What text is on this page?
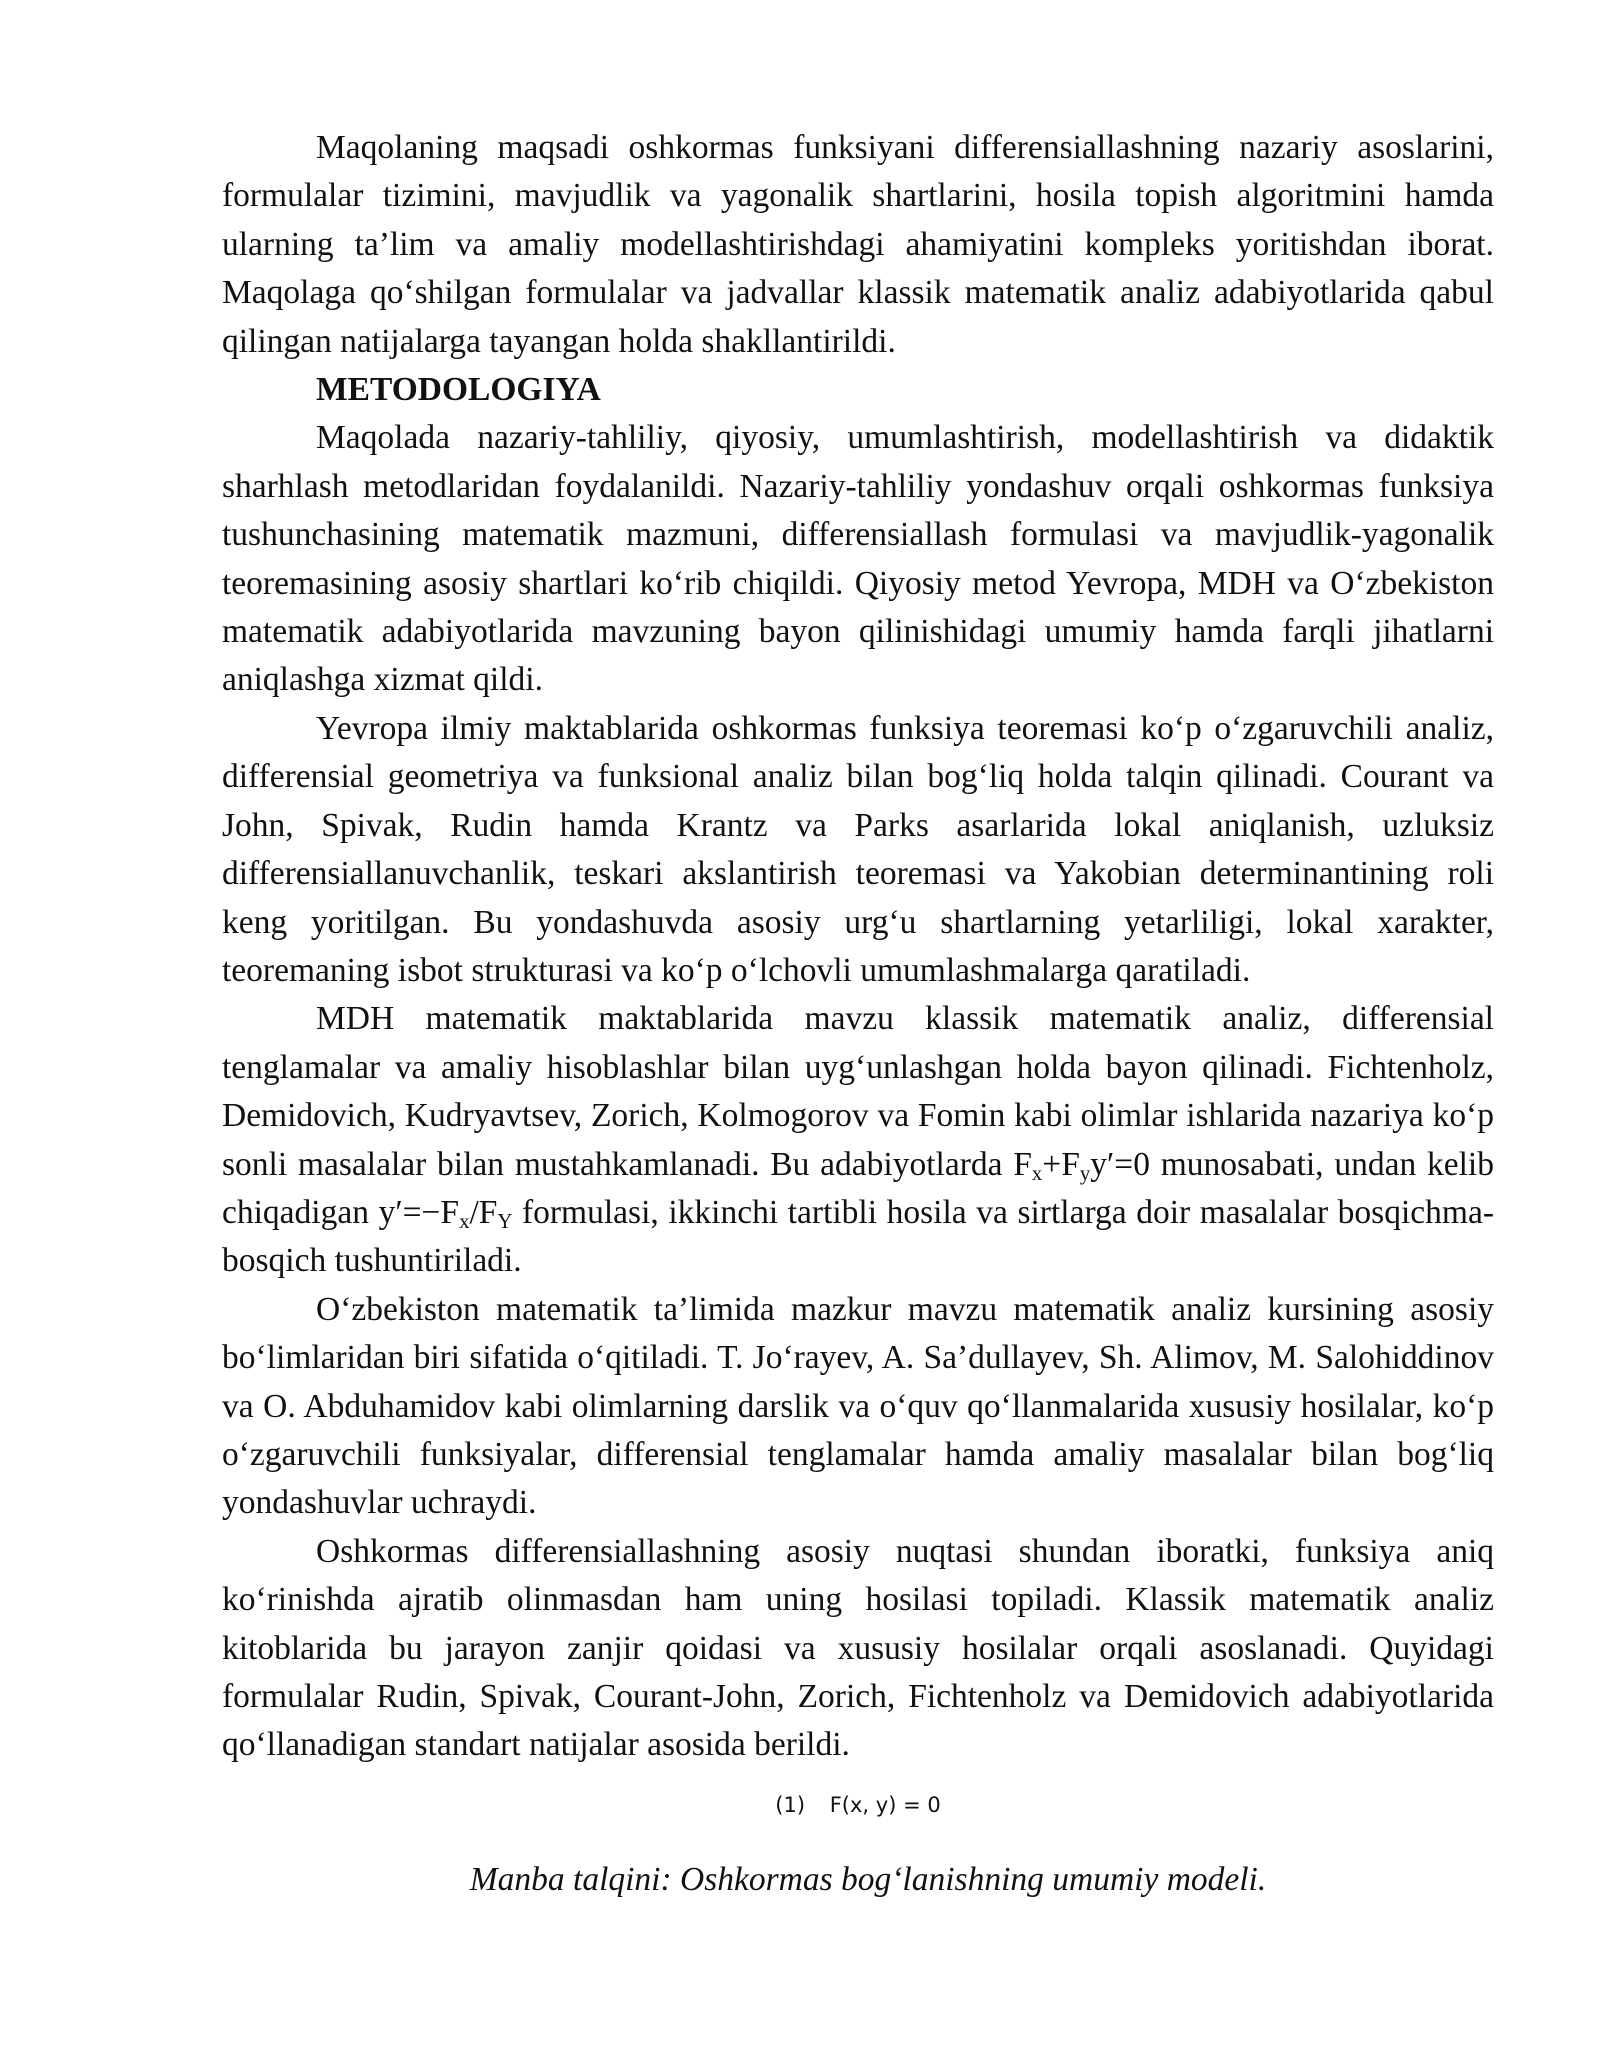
Maqolaning maqsadi oshkormas funksiyani differensiallashning nazariy asoslarini, formulalar tizimini, mavjudlik va yagonalik shartlarini, hosila topish algoritmini hamda ularning ta’lim va amaliy modellashtirishdagi ahamiyatini kompleks yoritishdan iborat. Maqolaga qo‘shilgan formulalar va jadvallar klassik matematik analiz adabiyotlarida qabul qilingan natijalarga tayangan holda shakllantirildi.

METODOLOGIYA

Maqolada nazariy-tahliliy, qiyosiy, umumlashtirish, modellashtirish va didaktik sharhlash metodlaridan foydalanildi. Nazariy-tahliliy yondashuv orqali oshkormas funksiya tushunchasining matematik mazmuni, differensiallash formulasi va mavjudlik-yagonalik teoremasining asosiy shartlari ko‘rib chiqildi. Qiyosiy metod Yevropa, MDH va O‘zbekiston matematik adabiyotlarida mavzuning bayon qilinishidagi umumiy hamda farqli jihatlarni aniqlashga xizmat qildi.

Yevropa ilmiy maktablarida oshkormas funksiya teoremasi ko‘p o‘zgaruvchili analiz, differensial geometriya va funksional analiz bilan bog‘liq holda talqin qilinadi. Courant va John, Spivak, Rudin hamda Krantz va Parks asarlarida lokal aniqlanish, uzluksiz differensiallanuvchanlik, teskari akslantirish teoremasi va Yakobian determinantining roli keng yoritilgan. Bu yondashuvda asosiy urg‘u shartlarning yetarliligi, lokal xarakter, teoremaning isbot strukturasi va ko‘p o‘lchovli umumlashmalarga qaratiladi.

MDH matematik maktablarida mavzu klassik matematik analiz, differensial tenglamalar va amaliy hisoblashlar bilan uyg‘unlashgan holda bayon qilinadi. Fichtenholz, Demidovich, Kudryavtsev, Zorich, Kolmogorov va Fomin kabi olimlar ishlarida nazariya ko‘p sonli masalalar bilan mustahkamlanadi. Bu adabiyotlarda $F_x+F_yy'=0$ munosabati, undan kelib chiqadigan $y'=-F_x/F_Y$ formulasi, ikkinchi tartibli hosila va sirtlarga doir masalalar bosqichma-bosqich tushuntiriladi.

O‘zbekiston matematik ta’limida mazkur mavzu matematik analiz kursining asosiy bo‘limlaridan biri sifatida o‘qitiladi. T. Jo‘rayev, A. Sa’dullayev, Sh. Alimov, M. Salohiddinov va O. Abduhamidov kabi olimlarning darslik va o‘quv qo‘llanmalarida xususiy hosilalar, ko‘p o‘zgaruvchili funksiyalar, differensial tenglamalar hamda amaliy masalalar bilan bog‘liq yondashuvlar uchraydi.

Oshkormas differensiallashning asosiy nuqtasi shundan iboratki, funksiya aniq ko‘rinishda ajratib olinmasdan ham uning hosilasi topiladi. Klassik matematik analiz kitoblarida bu jarayon zanjir qoidasi va xususiy hosilalar orqali asoslanadi. Quyidagi formulalar Rudin, Spivak, Courant-John, Zorich, Fichtenholz va Demidovich adabiyotlarida qo‘llanadigan standart natijalar asosida berildi.

(1) F(x, y) = 0
Manba talqini: Oshkormas bog‘lanishning umumiy modeli.
